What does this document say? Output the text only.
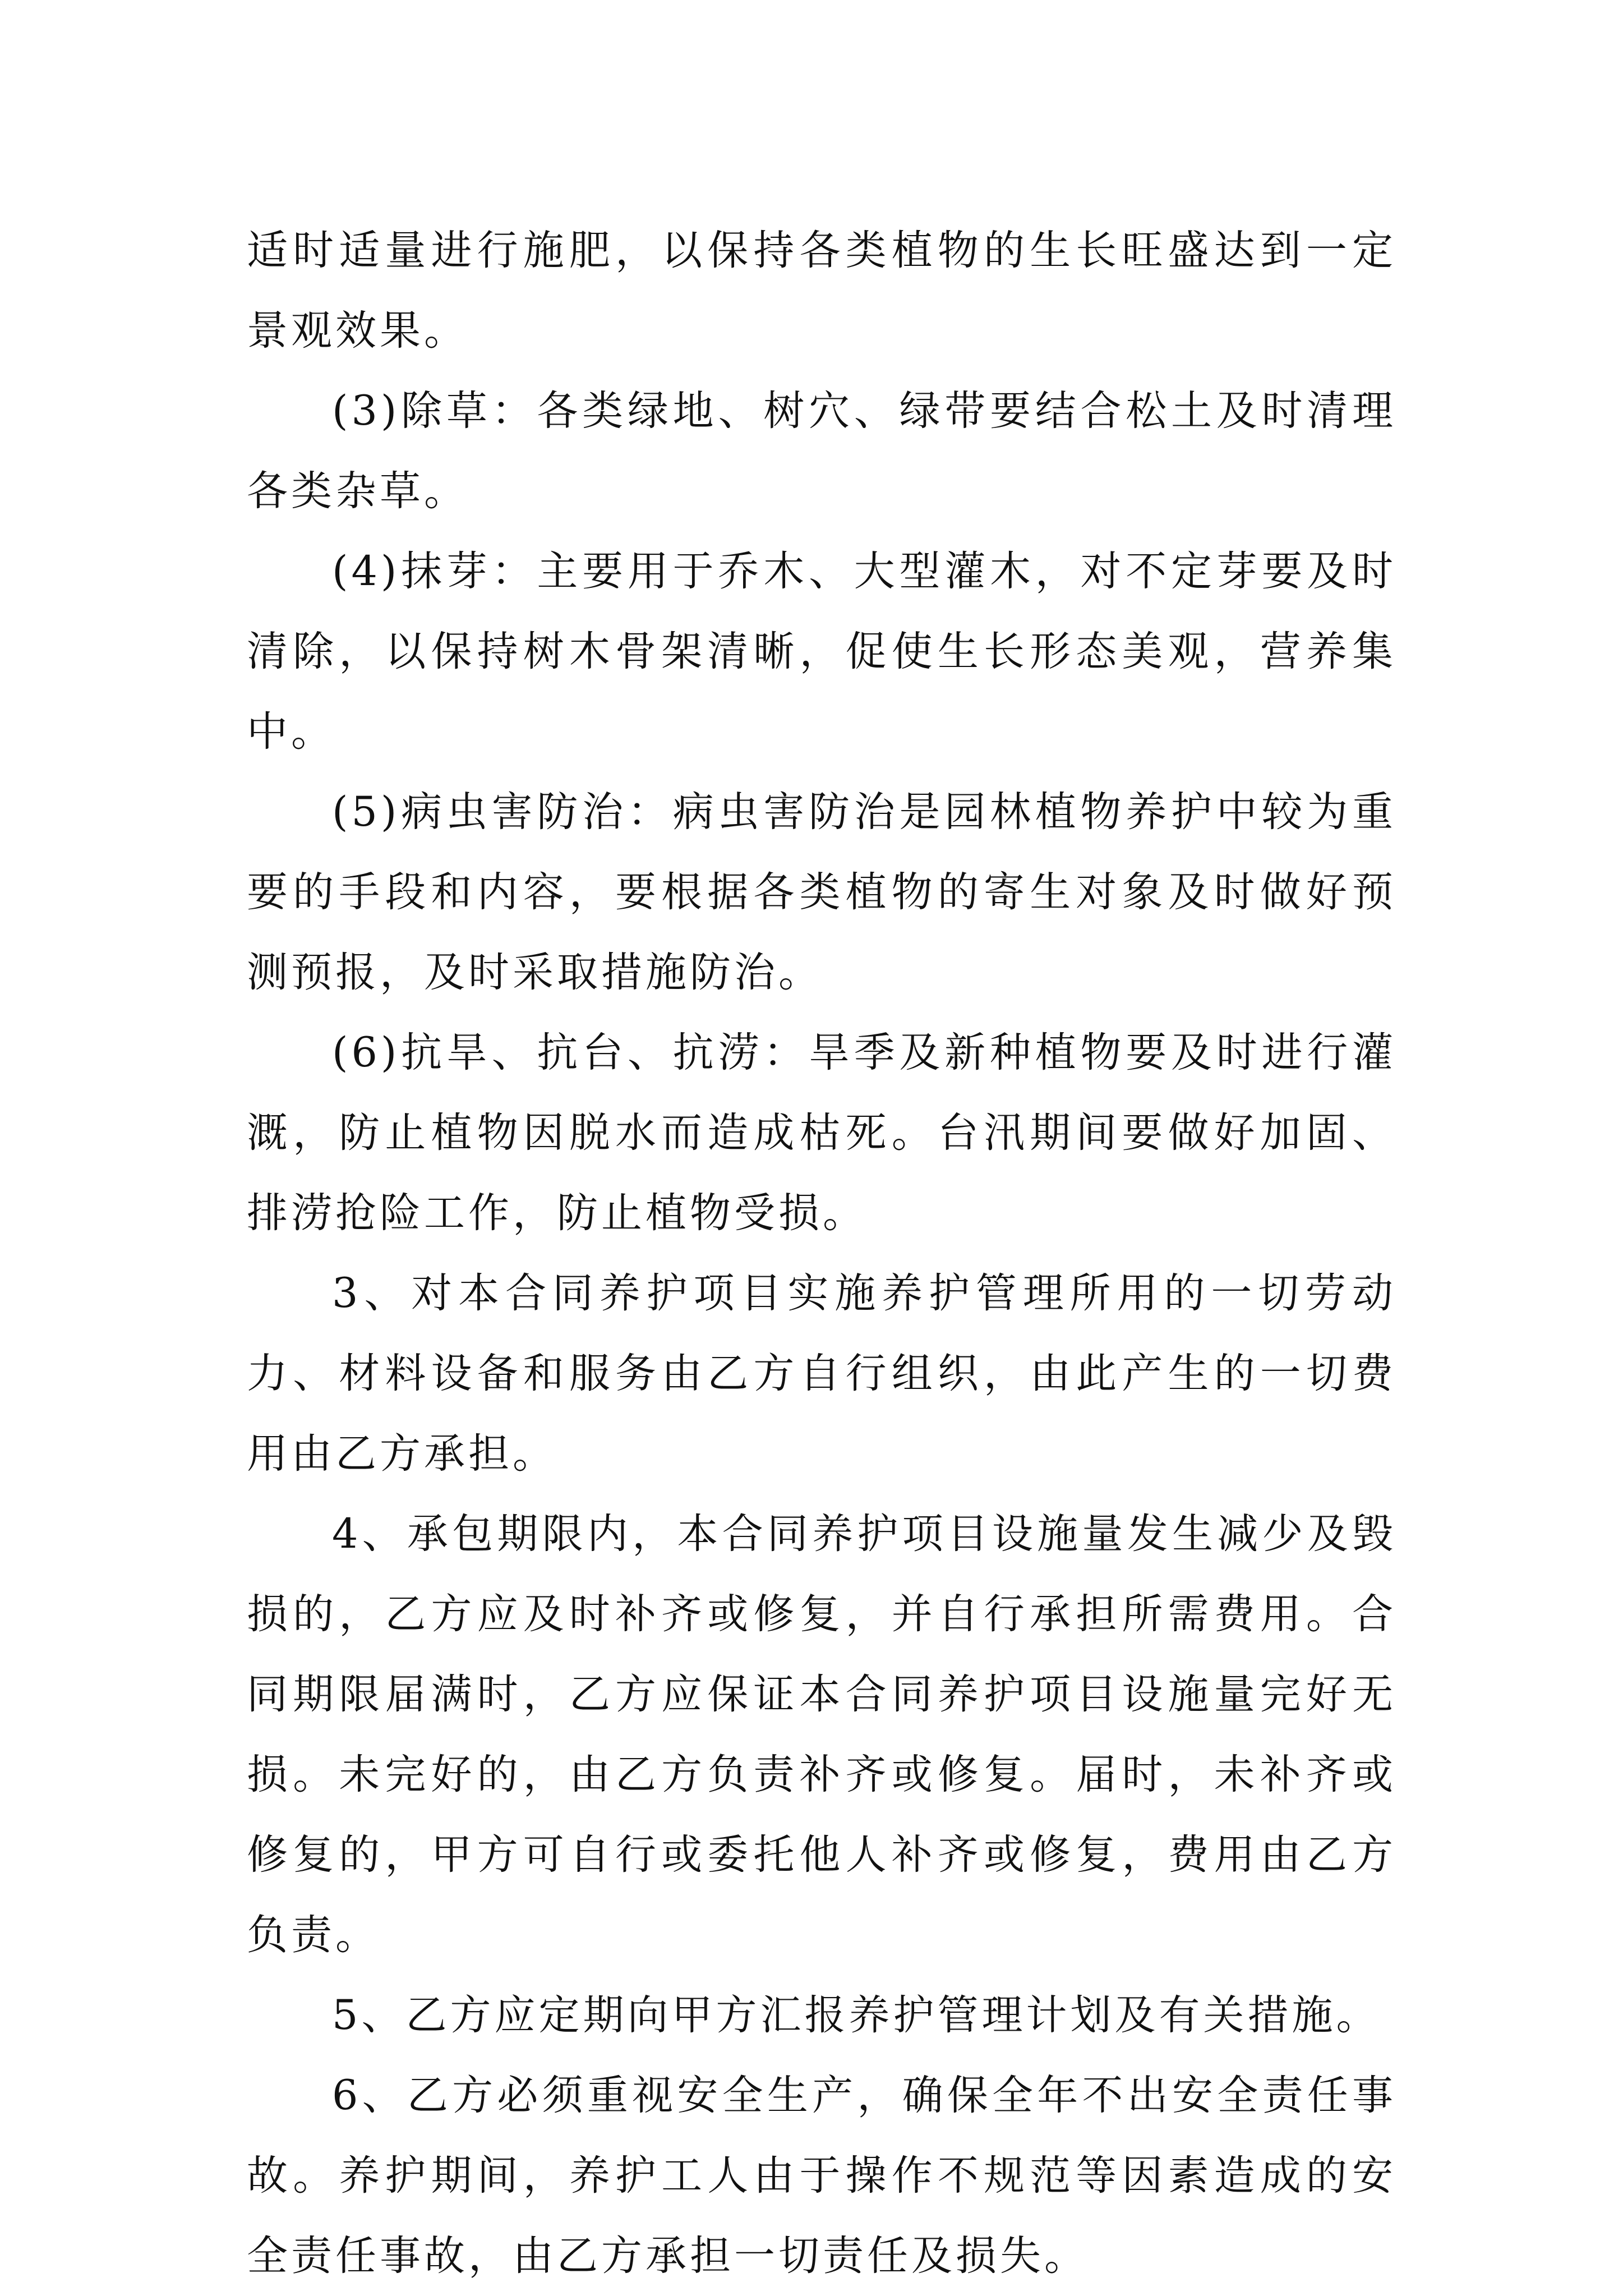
适时适量进行施肥，以保持各类植物的生长旺盛达到一定景观效果。

(3)除草：各类绿地、树穴、绿带要结合松土及时清理各类杂草。

(4)抹芽：主要用于乔木、大型灌木，对不定芽要及时清除，以保持树木骨架清晰，促使生长形态美观，营养集中。

(5)病虫害防治：病虫害防治是园林植物养护中较为重要的手段和内容，要根据各类植物的寄生对象及时做好预测预报，及时采取措施防治。

(6)抗旱、抗台、抗涝：旱季及新种植物要及时进行灌溉，防止植物因脱水而造成枯死。台汛期间要做好加固、排涝抢险工作，防止植物受损。

3、对本合同养护项目实施养护管理所用的一切劳动力、材料设备和服务由乙方自行组织，由此产生的一切费用由乙方承担。

4、承包期限内，本合同养护项目设施量发生减少及毁损的，乙方应及时补齐或修复，并自行承担所需费用。合同期限届满时，乙方应保证本合同养护项目设施量完好无损。未完好的，由乙方负责补齐或修复。届时，未补齐或修复的，甲方可自行或委托他人补齐或修复，费用由乙方负责。

5、乙方应定期向甲方汇报养护管理计划及有关措施。

6、乙方必须重视安全生产，确保全年不出安全责任事故。养护期间，养护工人由于操作不规范等因素造成的安全责任事故，由乙方承担一切责任及损失。
